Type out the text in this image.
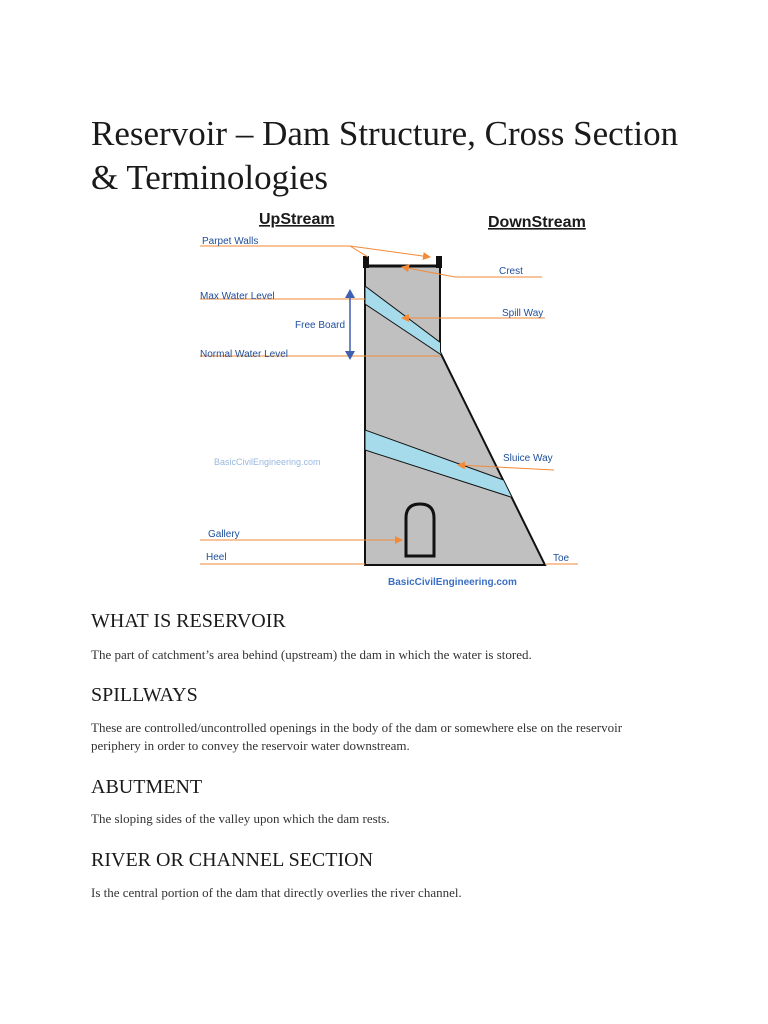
Reservoir – Dam Structure, Cross Section & Terminologies
UpStream	DownStream
Parpet Walls
Crest
Max Water Level
Free Board
Normal Water Level
Spill Way
Sluice Way
Gallery
Heel	Toe
BasicCivilEngineering.com
BasicCivilEngineering.com
WHAT IS RESERVOIR

The part of catchment’s area behind (upstream) the dam in which the water is stored.

SPILLWAYS

These are controlled/uncontrolled openings in the body of the dam or somewhere else on the reservoir periphery in order to convey the reservoir water downstream.

ABUTMENT

The sloping sides of the valley upon which the dam rests.

RIVER OR CHANNEL SECTION

Is the central portion of the dam that directly overlies the river channel.
